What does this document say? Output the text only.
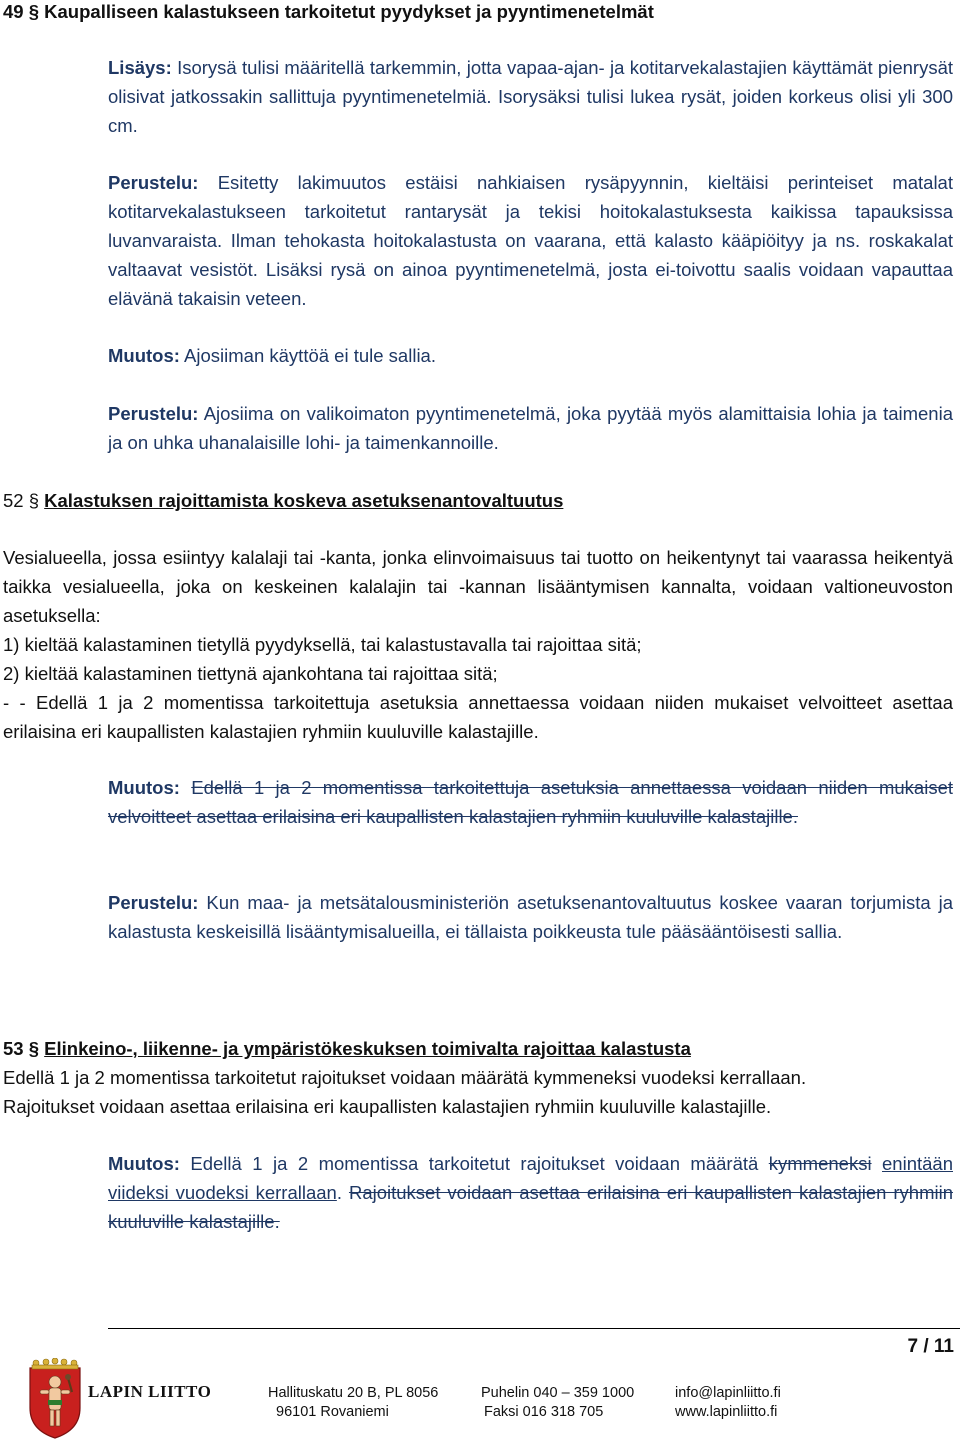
49 § Kaupalliseen kalastukseen tarkoitetut pyydykset ja pyyntimenetelmät

Lisäys: Isorysä tulisi määritellä tarkemmin, jotta vapaa-ajan- ja kotitarvekalastajien käyttämät pienrysät olisivat jatkossakin sallittuja pyyntimenetelmiä. Isorysäksi tulisi lukea rysät, joiden korkeus olisi yli 300 cm.

Perustelu: Esitetty lakimuutos estäisi nahkiaisen rysäpyynnin, kieltäisi perinteiset matalat kotitarvekalastukseen tarkoitetut rantarysät ja tekisi hoitokalastuksesta kaikissa tapauksissa luvanvaraista. Ilman tehokasta hoitokalastusta on vaarana, että kalasto kääpiöityy ja ns. roskakalat valtaavat vesistöt. Lisäksi rysä on ainoa pyyntimenetelmä, josta ei-toivottu saalis voidaan vapauttaa elävänä takaisin veteen.

Muutos: Ajosiiman käyttöä ei tule sallia.

Perustelu: Ajosiima on valikoimaton pyyntimenetelmä, joka pyytää myös alamittaisia lohia ja taimenia ja on uhka uhanalaisille lohi- ja taimenkannoille.

52 § Kalastuksen rajoittamista koskeva asetuksenantovaltuutus

Vesialueella, jossa esiintyy kalalaji tai -kanta, jonka elinvoimaisuus tai tuotto on heikentynyt tai vaarassa heikentyä taikka vesialueella, joka on keskeinen kalalajin tai -kannan lisääntymisen kannalta, voidaan valtioneuvoston asetuksella:
1) kieltää kalastaminen tietyllä pyydyksellä, tai kalastustavalla tai rajoittaa sitä;
2) kieltää kalastaminen tiettynä ajankohtana tai rajoittaa sitä;
- - Edellä 1 ja 2 momentissa tarkoitettuja asetuksia annettaessa voidaan niiden mukaiset velvoitteet asettaa erilaisina eri kaupallisten kalastajien ryhmiin kuuluville kalastajille.

Muutos: Edellä 1 ja 2 momentissa tarkoitettuja asetuksia annettaessa voidaan niiden mukaiset velvoitteet asettaa erilaisina eri kaupallisten kalastajien ryhmiin kuuluville kalastajille.

Perustelu: Kun maa- ja metsätalousministeriön asetuksenantovaltuutus koskee vaaran torjumista ja kalastusta keskeisillä lisääntymisalueilla, ei tällaista poikkeusta tule pääsääntöisesti sallia.

53 § Elinkeino-, liikenne- ja ympäristökeskuksen toimivalta rajoittaa kalastusta

Edellä 1 ja 2 momentissa tarkoitetut rajoitukset voidaan määrätä kymmeneksi vuodeksi kerrallaan.
Rajoitukset voidaan asettaa erilaisina eri kaupallisten kalastajien ryhmiin kuuluville kalastajille.

Muutos: Edellä 1 ja 2 momentissa tarkoitetut rajoitukset voidaan määrätä kymmeneksi enintään viideksi vuodeksi kerrallaan. Rajoitukset voidaan asettaa erilaisina eri kaupallisten kalastajien ryhmiin kuuluville kalastajille.

7 / 11
LAPIN LIITTO	Hallituskatu 20 B, PL 8056
96101 Rovaniemi
Puhelin 040 – 359 1000
Faksi 016 318 705
info@lapinliitto.fi
www.lapinliitto.fi
